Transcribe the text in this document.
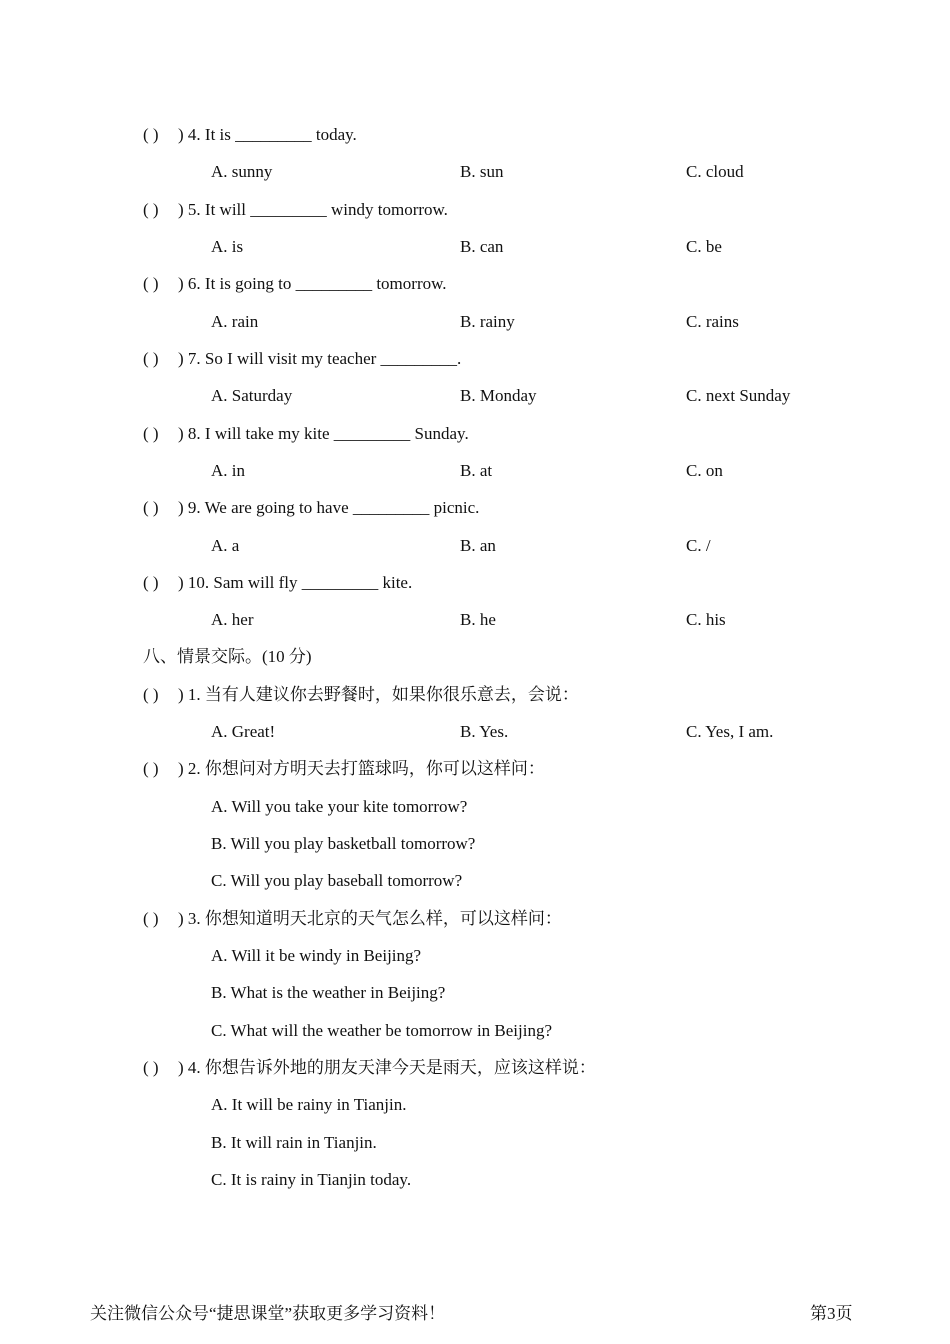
( ) ) 4. It is _________ today.
A. sunny	B. sun	C. cloud
( ) ) 5. It will _________ windy tomorrow.
A. is	B. can	C. be
( ) ) 6. It is going to _________ tomorrow.
A. rain	B. rainy	C. rains
( ) ) 7. So I will visit my teacher _________.
A. Saturday	B. Monday	C. next Sunday
( ) ) 8. I will take my kite _________ Sunday.
A. in	B. at	C. on
( ) ) 9. We are going to have _________ picnic.
A. a	B. an	C. /
( ) ) 10. Sam will fly _________ kite.
A. her	B. he	C. his
八、情景交际。(10 分)
( ) ) 1. 当有人建议你去野餐时，如果你很乐意去，会说：
A. Great!	B. Yes.	C. Yes, I am.
( ) ) 2. 你想问对方明天去打篮球吗，你可以这样问：
A. Will you take your kite tomorrow?
B. Will you play basketball tomorrow?
C. Will you play baseball tomorrow?
( ) ) 3. 你想知道明天北京的天气怎么样，可以这样问：
A. Will it be windy in Beijing?
B. What is the weather in Beijing?
C. What will the weather be tomorrow in Beijing?
( ) ) 4. 你想告诉外地的朋友天津今天是雨天，应该这样说：
A. It will be rainy in Tianjin.
B. It will rain in Tianjin.
C. It is rainy in Tianjin today.
关注微信公众号“捷思课堂”获取更多学习资料！	第3页
